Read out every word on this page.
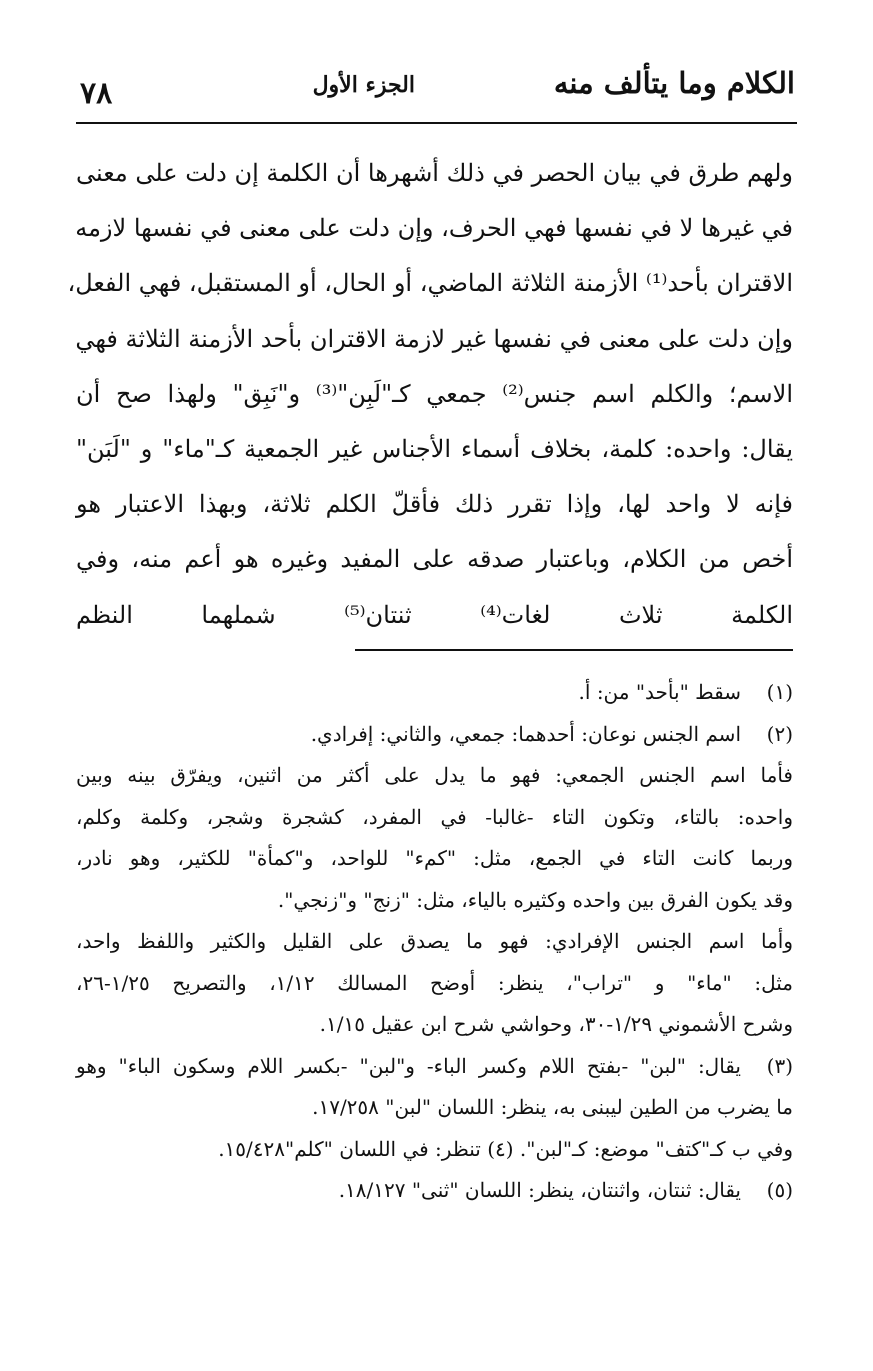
الكلام وما يتألف منه
الجزء الأول
٧٨
ولهم طرق في بيان الحصر في ذلك أشهرها أن الكلمة إن دلت على معنى
في غيرها لا في نفسها فهي الحرف، وإن دلت على معنى في نفسها لازمه
الاقتران بأحد⁽¹⁾ الأزمنة الثلاثة الماضي، أو الحال، أو المستقبل، فهي الفعل،
وإن دلت على معنى في نفسها غير لازمة الاقتران بأحد الأزمنة الثلاثة فهي
الاسم؛ والكلم اسم جنس⁽²⁾ جمعي كـ"لَبِن"⁽³⁾ و"نَبِق" ولهذا صح أن
يقال: واحده: كلمة، بخلاف أسماء الأجناس غير الجمعية كـ"ماء" و "لَبَن"
فإنه لا واحد لها، وإذا تقرر ذلك فأقلّ الكلم ثلاثة، وبهذا الاعتبار هو
أخص من الكلام، وباعتبار صدقه على المفيد وغيره هو أعم منه، وفي
الكلمة ثلاث لغات⁽⁴⁾ ثنتان⁽⁵⁾ شملهما النظم
(١)سقط "بأحد" من: أ.
(٢)اسم الجنس نوعان: أحدهما: جمعي، والثاني: إفرادي.
فأما اسم الجنس الجمعي: فهو ما يدل على أكثر من اثنين، ويفرّق بينه وبين
واحده: بالتاء، وتكون التاء -غالبا- في المفرد، كشجرة وشجر، وكلمة وكلم،
وربما كانت التاء في الجمع، مثل: "كمء" للواحد، و"كمأة" للكثير، وهو نادر،
وقد يكون الفرق بين واحده وكثيره بالياء، مثل: "زنج" و"زنجي".
وأما اسم الجنس الإفرادي: فهو ما يصدق على القليل والكثير واللفظ واحد،
مثل: "ماء" و "تراب"، ينظر: أوضح المسالك ١/١٢، والتصريح ١/٢٥-٢٦،
وشرح الأشموني ١/٢٩-٣٠، وحواشي شرح ابن عقيل ١/١٥.
(٣)يقال: "لبن" -بفتح اللام وكسر الباء- و"لبن" -بكسر اللام وسكون الباء" وهو
ما يضرب من الطين ليبنى به، ينظر: اللسان "لبن" ١٧/٢٥٨.
وفي ب كـ"كتف" موضع: كـ"لبن". (٤) تنظر: في اللسان "كلم"١٥/٤٢٨.
(٥)يقال: ثنتان، واثنتان، ينظر: اللسان "ثنى" ١٨/١٢٧.
